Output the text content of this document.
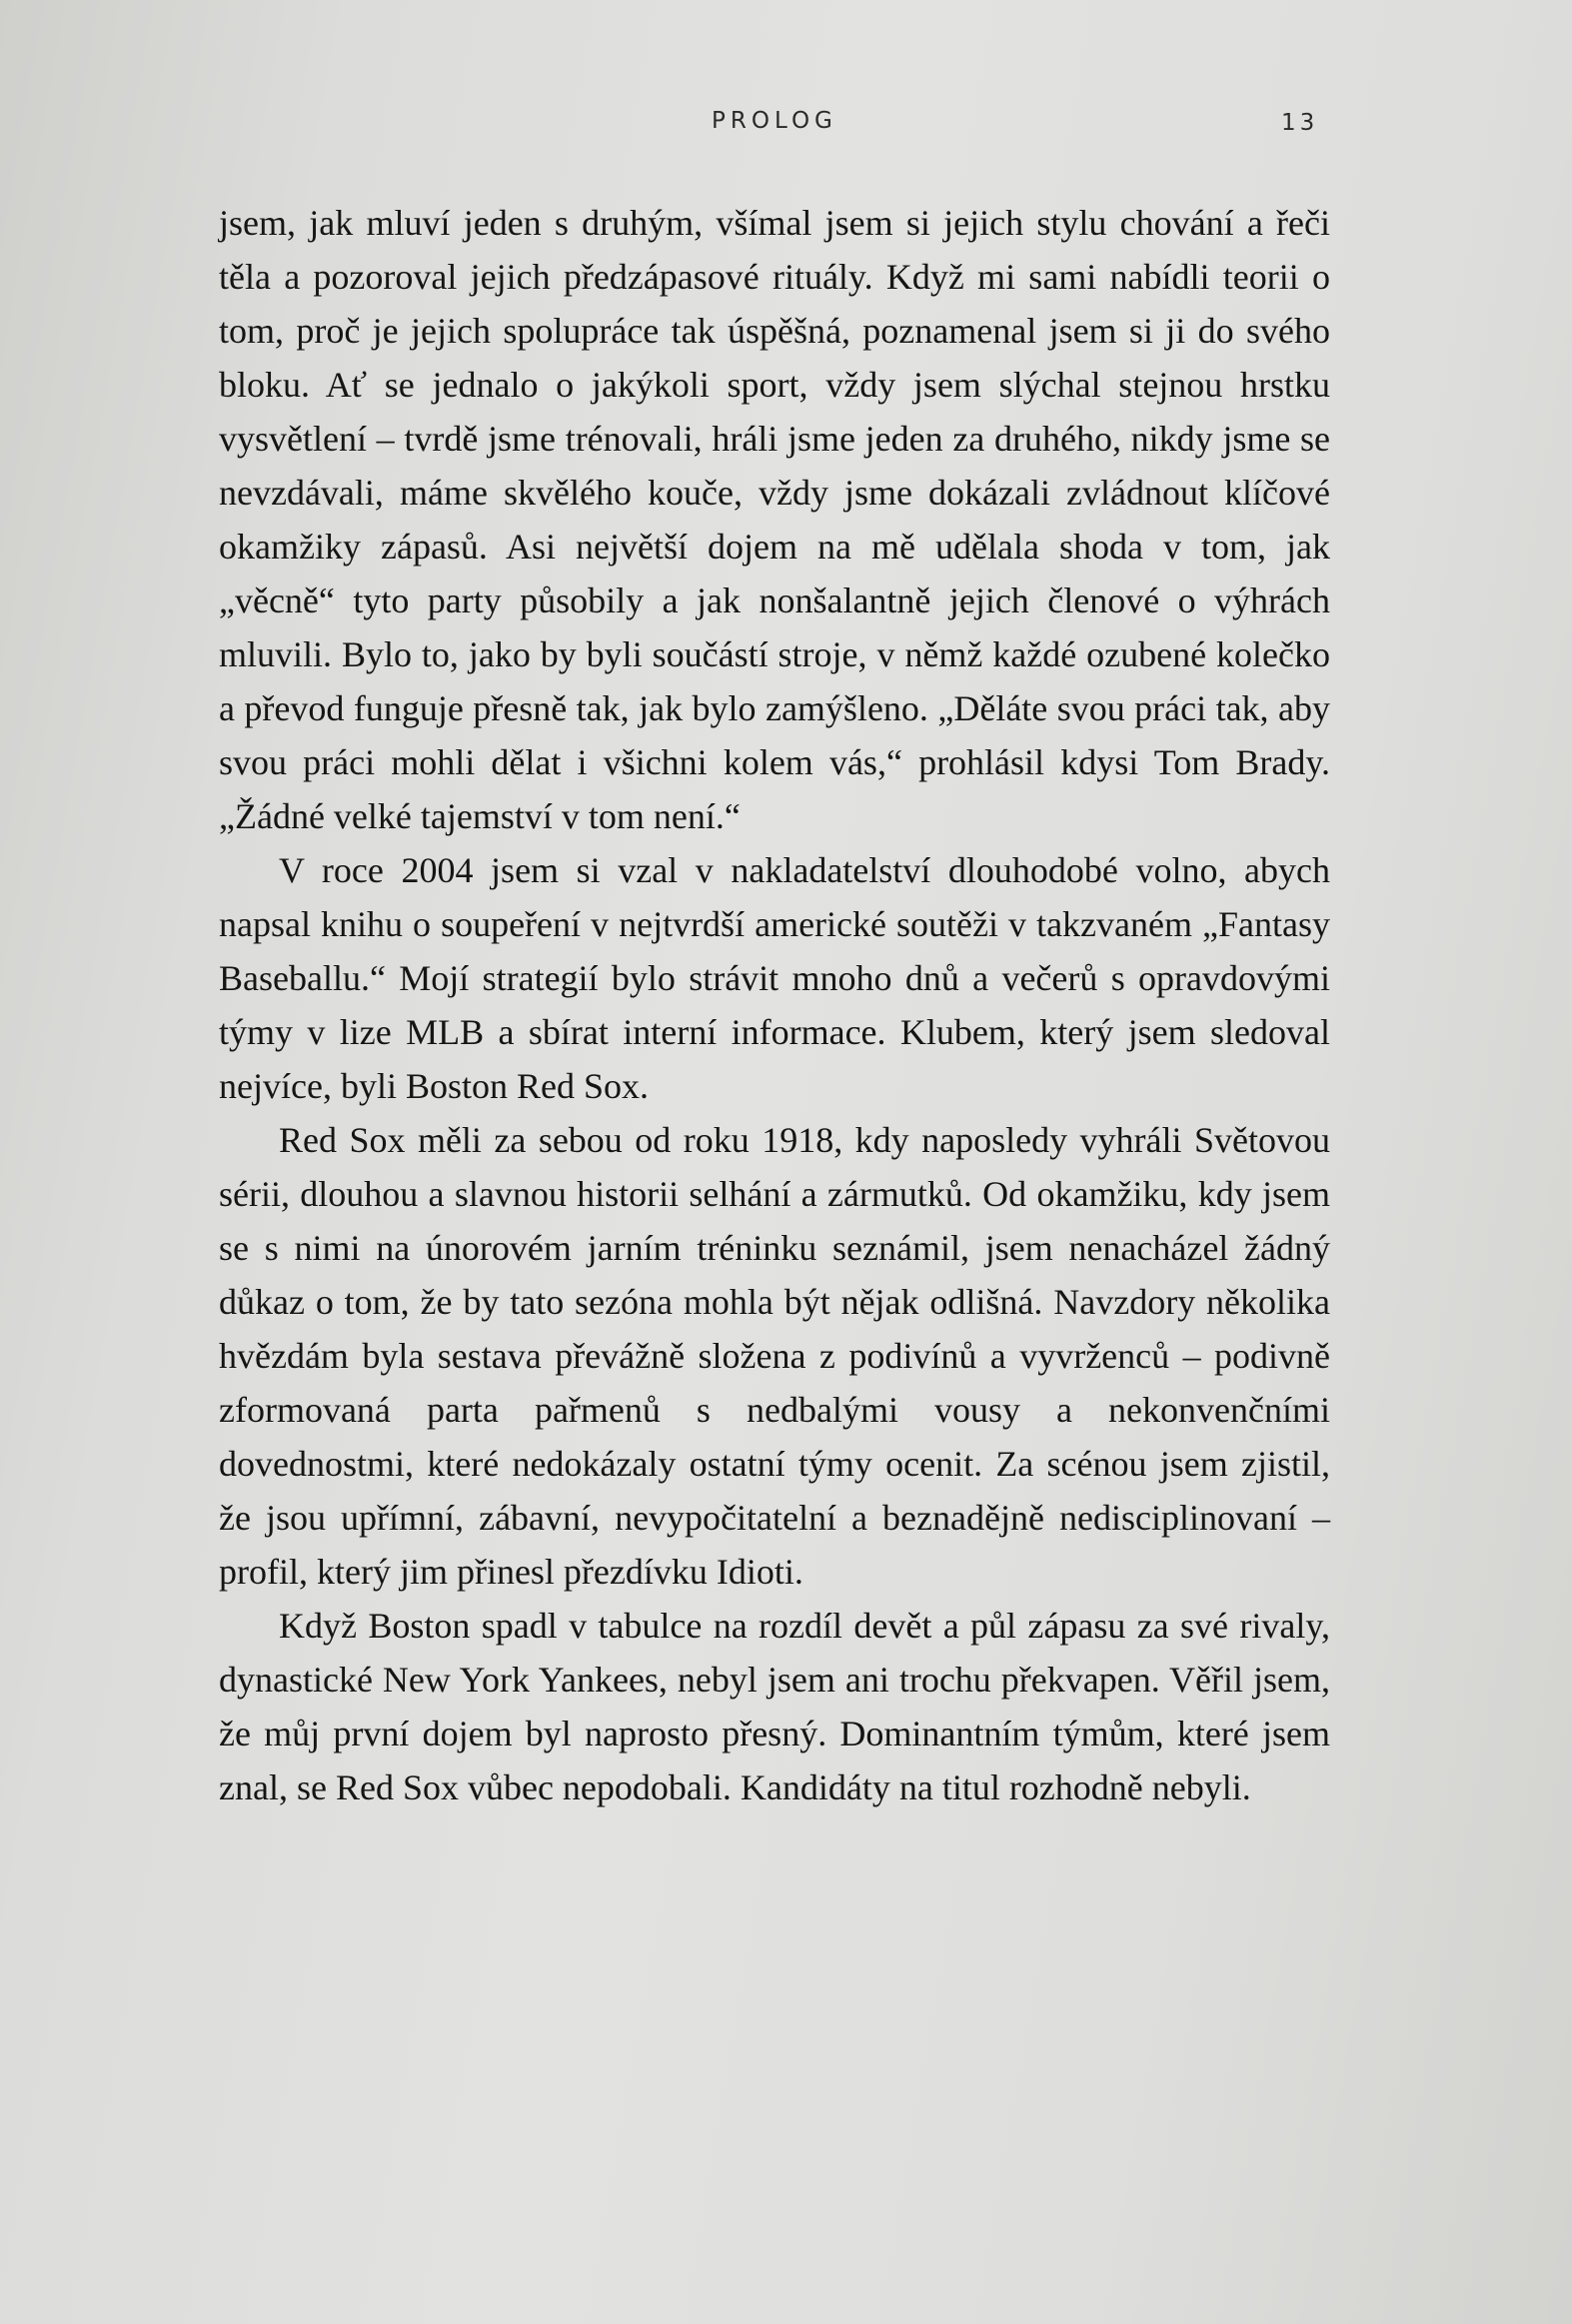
PROLOG	13

jsem, jak mluví jeden s druhým, všímal jsem si jejich stylu chování a řeči těla a pozoroval jejich předzápasové rituály. Když mi sami nabídli teorii o tom, proč je jejich spolupráce tak úspěšná, poznamenal jsem si ji do svého bloku. Ať se jednalo o jakýkoli sport, vždy jsem slýchal stejnou hrstku vysvětlení – tvrdě jsme trénovali, hráli jsme jeden za druhého, nikdy jsme se nevzdávali, máme skvělého kouče, vždy jsme dokázali zvládnout klíčové okamžiky zápasů. Asi největší dojem na mě udělala shoda v tom, jak „věcně“ tyto party působily a jak nonšalantně jejich členové o výhrách mluvili. Bylo to, jako by byli součástí stroje, v němž každé ozubené kolečko a převod funguje přesně tak, jak bylo zamýšleno. „Děláte svou práci tak, aby svou práci mohli dělat i všichni kolem vás,“ prohlásil kdysi Tom Brady. „Žádné velké tajemství v tom není.“

V roce 2004 jsem si vzal v nakladatelství dlouhodobé volno, abych napsal knihu o soupeření v nejtvrdší americké soutěži v takzvaném „Fantasy Baseballu.“ Mojí strategií bylo strávit mnoho dnů a večerů s opravdovými týmy v lize MLB a sbírat interní informace. Klubem, který jsem sledoval nejvíce, byli Boston Red Sox.

Red Sox měli za sebou od roku 1918, kdy naposledy vyhráli Světovou sérii, dlouhou a slavnou historii selhání a zármutků. Od okamžiku, kdy jsem se s nimi na únorovém jarním tréninku seznámil, jsem nenacházel žádný důkaz o tom, že by tato sezóna mohla být nějak odlišná. Navzdory několika hvězdám byla sestava převážně složena z podivínů a vyvrženců – podivně zformovaná parta pařmenů s nedbalými vousy a nekonvenčními dovednostmi, které nedokázaly ostatní týmy ocenit. Za scénou jsem zjistil, že jsou upřímní, zábavní, nevypočitatelní a beznadějně nedisciplinovaní – profil, který jim přinesl přezdívku Idioti.

Když Boston spadl v tabulce na rozdíl devět a půl zápasu za své rivaly, dynastické New York Yankees, nebyl jsem ani trochu překvapen. Věřil jsem, že můj první dojem byl naprosto přesný. Dominantním týmům, které jsem znal, se Red Sox vůbec nepodobali. Kandidáty na titul rozhodně nebyli.
